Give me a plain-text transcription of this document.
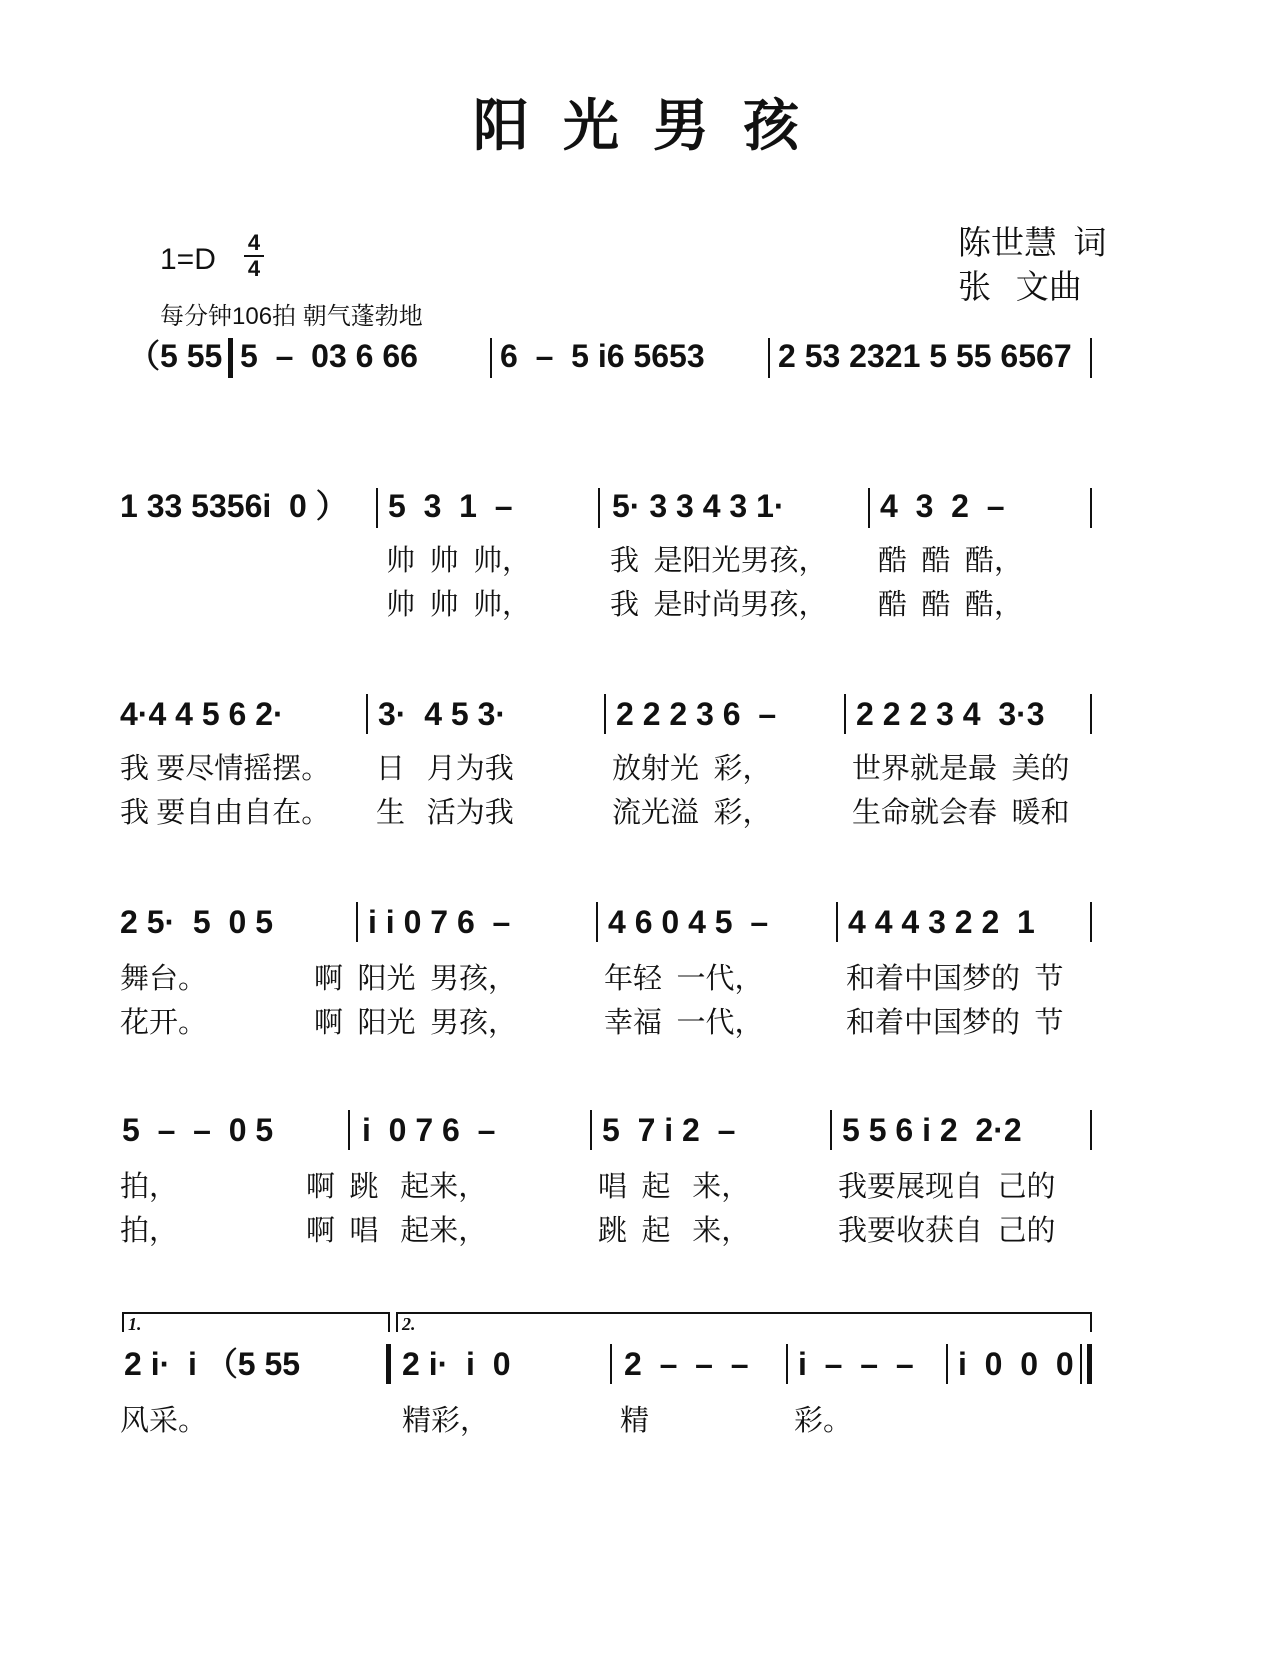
阳光男孩
陈世慧  词
张   文曲
1=D
4
4
每分钟106拍 朝气蓬勃地
（5 55 5  –  03 6 66	6  –  5 i6 5653 2 53 2321 5 55 6567
1 33 5356i  0 ） 5  3  1  –	5· 3 3 4 3 1·	4  3  2  –
帅  帅  帅，	我  是阳光男孩， 酷  酷  酷，
帅  帅  帅，	我  是时尚男孩， 酷  酷  酷，
4·4 4 5 6 2·	3·  4 5 3·	2 2 2 3 6  – 2 2 2 3 4  3·3
我 要尽情摇摆。 日   月为我	放射光  彩，	世界就是最  美的
我 要自由自在。 生   活为我	流光溢  彩，	生命就会春  暖和
2 5·  5  0 5	i i 0 7 6  –	4 6 0 4 5  – 4 4 4 3 2 2  1
舞台。	啊  阳光  男孩，	年轻  一代，	和着中国梦的  节
花开。	啊  阳光  男孩，	幸福  一代，	和着中国梦的  节
5  –  –  0 5	i  0 7 6  –	5  7 i 2  –	5 5 6 i 2  2·2
拍，	啊  跳   起来，	唱  起   来，	我要展现自  己的
拍，	啊  唱   起来，	跳  起   来，	我要收获自  己的
1.	2.
2 i·  i （5 55	2 i·  i  0	2  –  –  – i  –  –  – i  0  0  0
风采。	精彩，	精	彩。
